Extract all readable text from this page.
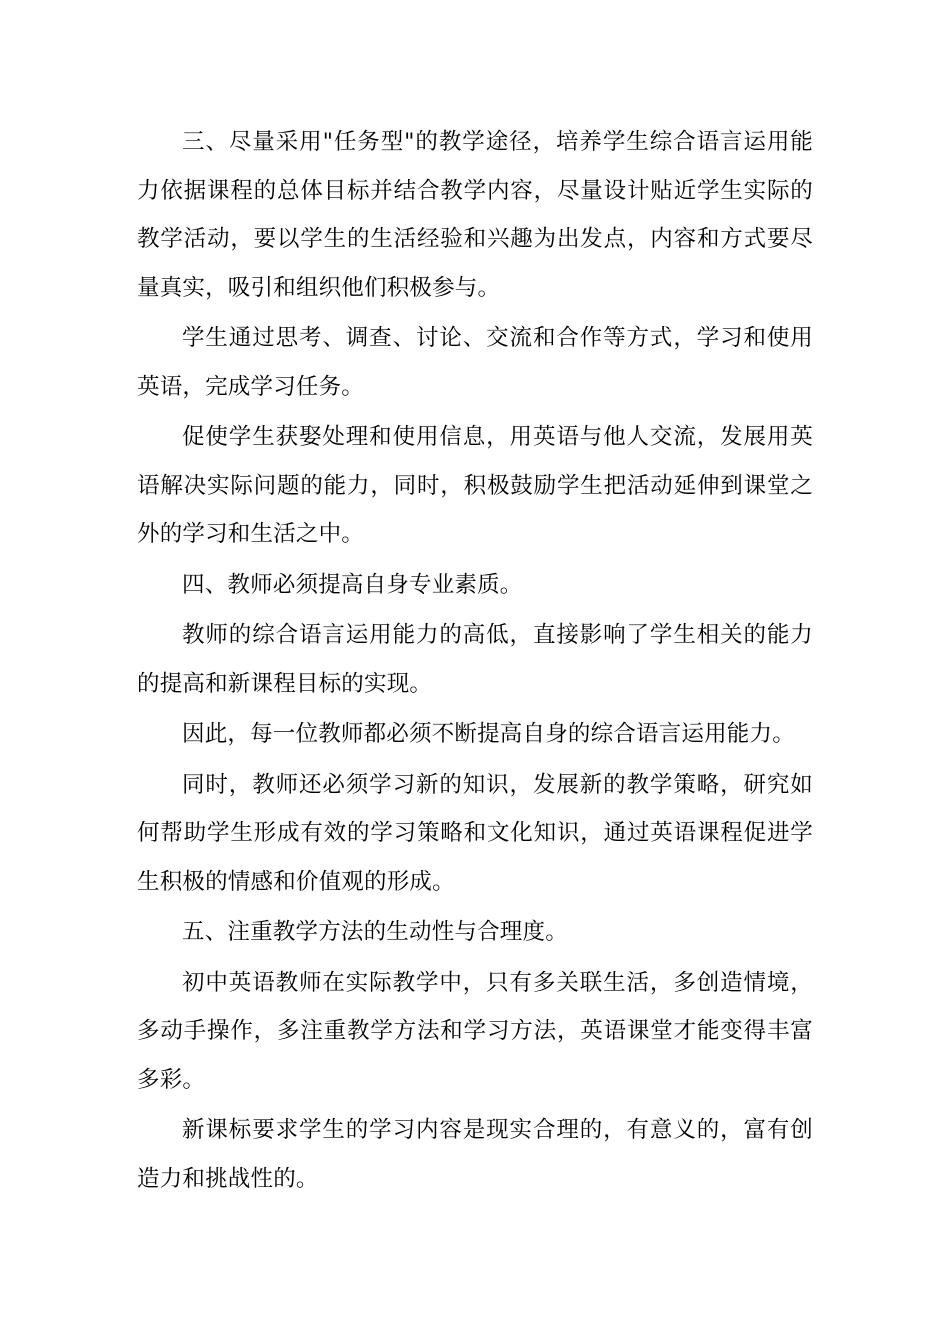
三、尽量采用"任务型"的教学途径，培养学生综合语言运用能力依据课程的总体目标并结合教学内容，尽量设计贴近学生实际的教学活动，要以学生的生活经验和兴趣为出发点，内容和方式要尽量真实，吸引和组织他们积极参与。

学生通过思考、调查、讨论、交流和合作等方式，学习和使用英语，完成学习任务。

促使学生获娶处理和使用信息，用英语与他人交流，发展用英语解决实际问题的能力，同时，积极鼓励学生把活动延伸到课堂之外的学习和生活之中。

四、教师必须提高自身专业素质。

教师的综合语言运用能力的高低，直接影响了学生相关的能力的提高和新课程目标的实现。

因此，每一位教师都必须不断提高自身的综合语言运用能力。

同时，教师还必须学习新的知识，发展新的教学策略，研究如何帮助学生形成有效的学习策略和文化知识，通过英语课程促进学生积极的情感和价值观的形成。

五、注重教学方法的生动性与合理度。

初中英语教师在实际教学中，只有多关联生活，多创造情境，多动手操作，多注重教学方法和学习方法，英语课堂才能变得丰富多彩。

新课标要求学生的学习内容是现实合理的，有意义的，富有创造力和挑战性的。
